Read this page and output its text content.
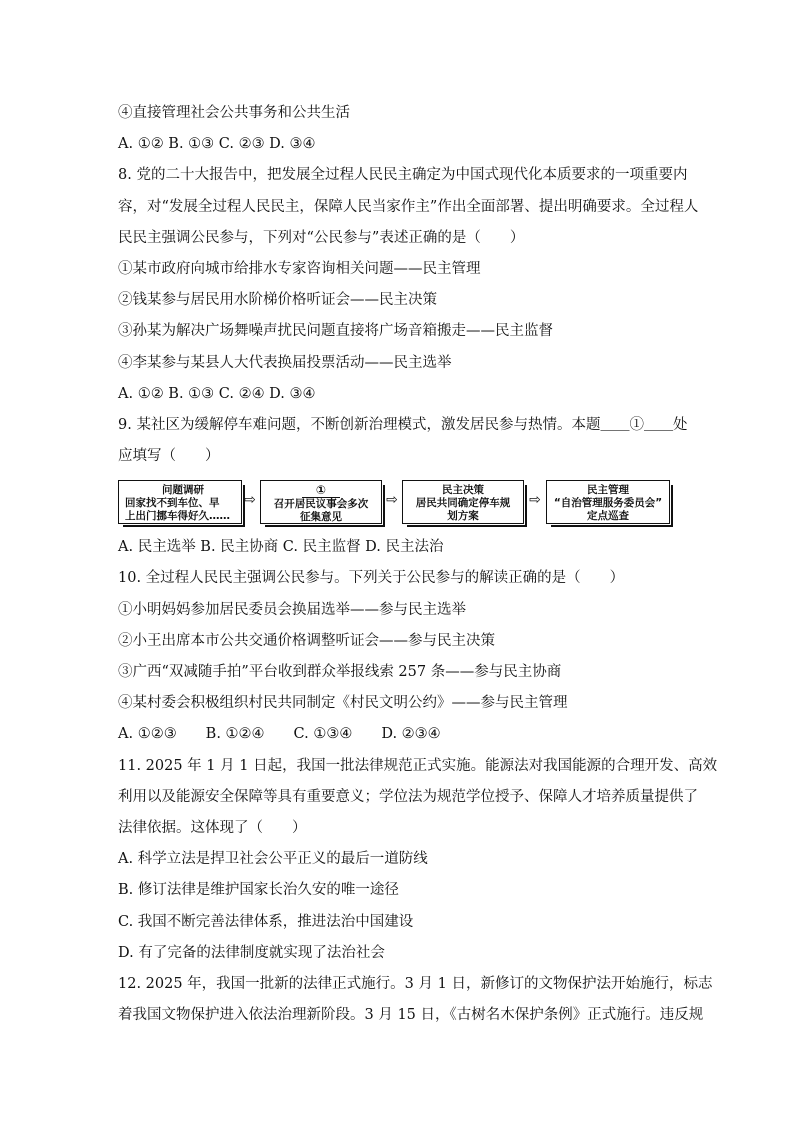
④直接管理社会公共事务和公共生活
A. ①② B. ①③ C. ②③ D. ③④
8. 党的二十大报告中，把发展全过程人民民主确定为中国式现代化本质要求的一项重要内
容，对“发展全过程人民民主，保障人民当家作主”作出全面部署、提出明确要求。全过程人
民民主强调公民参与，下列对“公民参与”表述正确的是（　　）
①某市政府向城市给排水专家咨询相关问题——民主管理
②钱某参与居民用水阶梯价格听证会——民主决策
③孙某为解决广场舞噪声扰民问题直接将广场音箱搬走——民主监督
④李某参与某县人大代表换届投票活动——民主选举
A. ①② B. ①③ C. ②④ D. ③④
9. 某社区为缓解停车难问题，不断创新治理模式，激发居民参与热情。本题＿＿①＿＿处
应填写（　　）
问题调研
回家找不到车位、早
上出门挪车得好久……
⇨
①
召开居民议事会多次
征集意见
⇨
民主决策
居民共同确定停车规
划方案
⇨
民主管理
“自治管理服务委员会”
定点巡查
A. 民主选举 B. 民主协商 C. 民主监督 D. 民主法治
10. 全过程人民民主强调公民参与。下列关于公民参与的解读正确的是（　　）
①小明妈妈参加居民委员会换届选举——参与民主选举
②小王出席本市公共交通价格调整听证会——参与民主决策
③广西“双减随手拍”平台收到群众举报线索 257 条——参与民主协商
④某村委会积极组织村民共同制定《村民文明公约》——参与民主管理
A. ①②③　　B. ①②④　　C. ①③④　　D. ②③④
11. 2025 年 1 月 1 日起，我国一批法律规范正式实施。能源法对我国能源的合理开发、高效
利用以及能源安全保障等具有重要意义；学位法为规范学位授予、保障人才培养质量提供了
法律依据。这体现了（　　）
A. 科学立法是捍卫社会公平正义的最后一道防线
B. 修订法律是维护国家长治久安的唯一途径
C. 我国不断完善法律体系，推进法治中国建设
D. 有了完备的法律制度就实现了法治社会
12. 2025 年，我国一批新的法律正式施行。3 月 1 日，新修订的文物保护法开始施行，标志
着我国文物保护进入依法治理新阶段。3 月 15 日，《古树名木保护条例》正式施行。违反规
